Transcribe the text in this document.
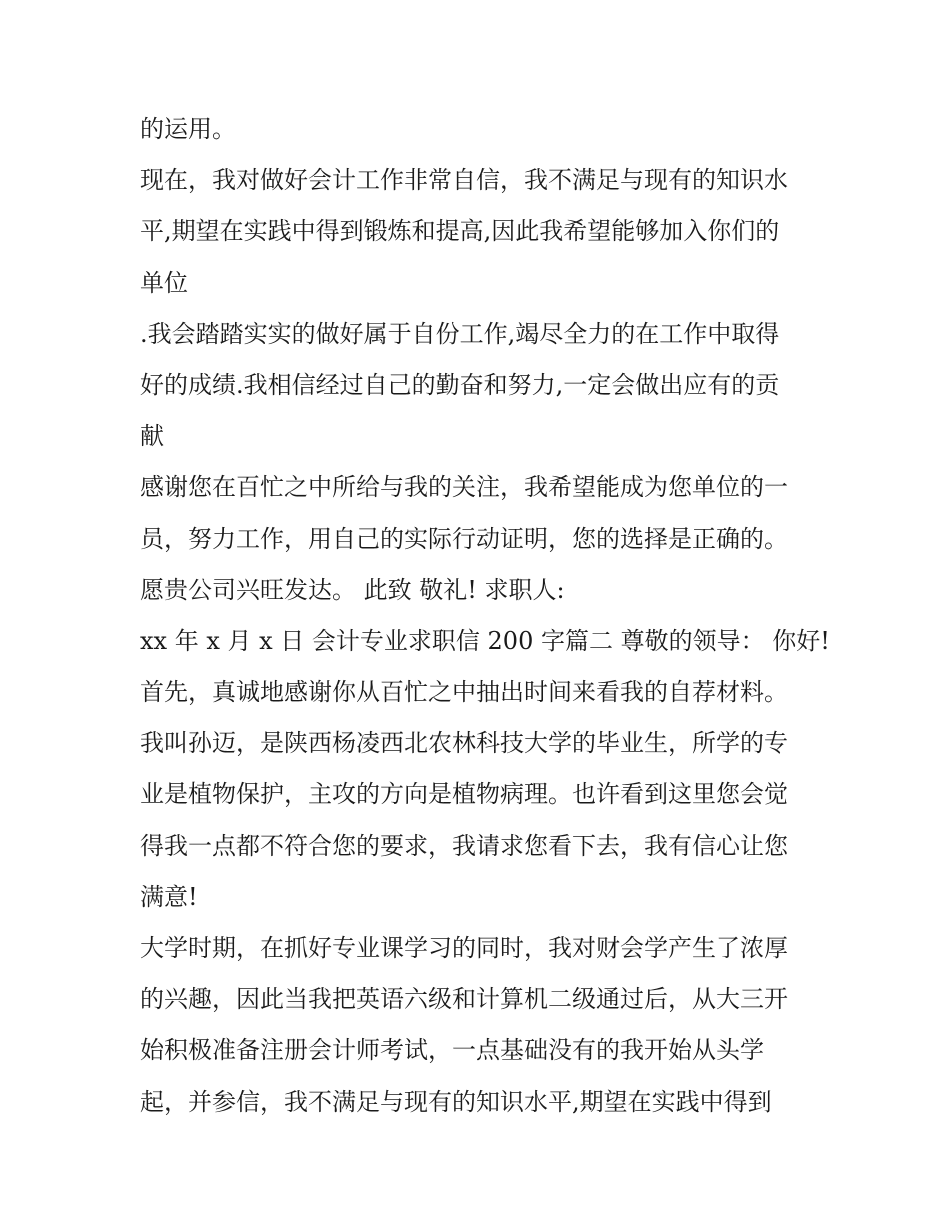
的运用。
现在，我对做好会计工作非常自信，我不满足与现有的知识水
平,期望在实践中得到锻炼和提高,因此我希望能够加入你们的
单位
.我会踏踏实实的做好属于自份工作,竭尽全力的在工作中取得
好的成绩.我相信经过自己的勤奋和努力,一定会做出应有的贡
献
感谢您在百忙之中所给与我的关注，我希望能成为您单位的一
员，努力工作，用自己的实际行动证明，您的选择是正确的。
愿贵公司兴旺发达。 此致 敬礼! 求职人:
xx 年 x 月 x 日 会计专业求职信 200 字篇二 尊敬的领导： 你好!
首先，真诚地感谢你从百忙之中抽出时间来看我的自荐材料。
我叫孙迈，是陕西杨凌西北农林科技大学的毕业生，所学的专
业是植物保护，主攻的方向是植物病理。也许看到这里您会觉
得我一点都不符合您的要求，我请求您看下去，我有信心让您
满意!
大学时期，在抓好专业课学习的同时，我对财会学产生了浓厚
的兴趣，因此当我把英语六级和计算机二级通过后，从大三开
始积极准备注册会计师考试，一点基础没有的我开始从头学
起，并参信，我不满足与现有的知识水平,期望在实践中得到
